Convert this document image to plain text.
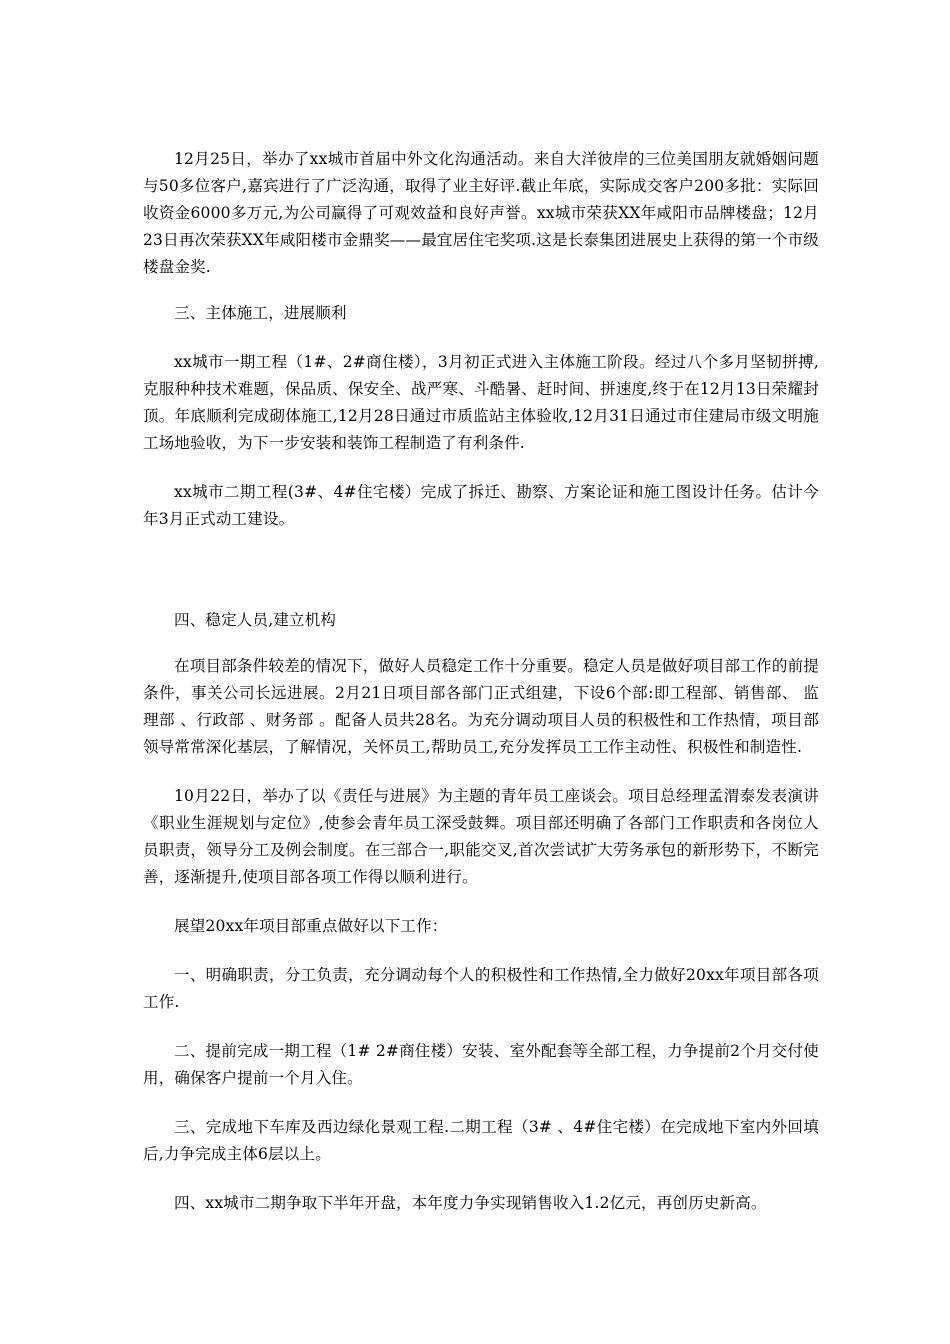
12月25日，举办了xx城市首届中外文化沟通活动。来自大洋彼岸的三位美国朋友就婚姻问题与50多位客户,嘉宾进行了广泛沟通，取得了业主好评.截止年底，实际成交客户200多批：实际回收资金6000多万元,为公司赢得了可观效益和良好声誉。xx城市荣获XX年咸阳市品牌楼盘；12月23日再次荣获XX年咸阳楼市金鼎奖——最宜居住宅奖项.这是长泰集团进展史上获得的第一个市级楼盘金奖.

三、主体施工，进展顺利

xx城市一期工程（1#、2#商住楼），3月初正式进入主体施工阶段。经过八个多月坚韧拼搏,克服种种技术难题，保品质、保安全、战严寒、斗酷暑、赶时间、拼速度,终于在12月13日荣耀封顶。年底顺利完成砌体施工,12月28日通过市质监站主体验收,12月31日通过市住建局市级文明施工场地验收，为下一步安装和装饰工程制造了有利条件.

xx城市二期工程(3#、4#住宅楼）完成了拆迁、勘察、方案论证和施工图设计任务。估计今年3月正式动工建设。

四、稳定人员,建立机构

在项目部条件较差的情况下，做好人员稳定工作十分重要。稳定人员是做好项目部工作的前提条件，事关公司长远进展。2月21日项目部各部门正式组建，下设6个部:即工程部、销售部、 监理部 、行政部 、财务部 。配备人员共28名。为充分调动项目人员的积极性和工作热情，项目部领导常常深化基层，了解情况，关怀员工,帮助员工,充分发挥员工工作主动性、积极性和制造性.

10月22日，举办了以《责任与进展》为主题的青年员工座谈会。项目总经理孟渭泰发表演讲《职业生涯规划与定位》,使参会青年员工深受鼓舞。项目部还明确了各部门工作职责和各岗位人员职责，领导分工及例会制度。在三部合一,职能交叉,首次尝试扩大劳务承包的新形势下，不断完善，逐渐提升,使项目部各项工作得以顺利进行。

展望20xx年项目部重点做好以下工作：

一、明确职责，分工负责，充分调动每个人的积极性和工作热情,全力做好20xx年项目部各项工作.

二、提前完成一期工程（1# 2#商住楼）安装、室外配套等全部工程，力争提前2个月交付使用，确保客户提前一个月入住。

三、完成地下车库及西边绿化景观工程.二期工程（3# 、4#住宅楼）在完成地下室内外回填后,力争完成主体6层以上。

四、xx城市二期争取下半年开盘，本年度力争实现销售收入1.2亿元，再创历史新高。
